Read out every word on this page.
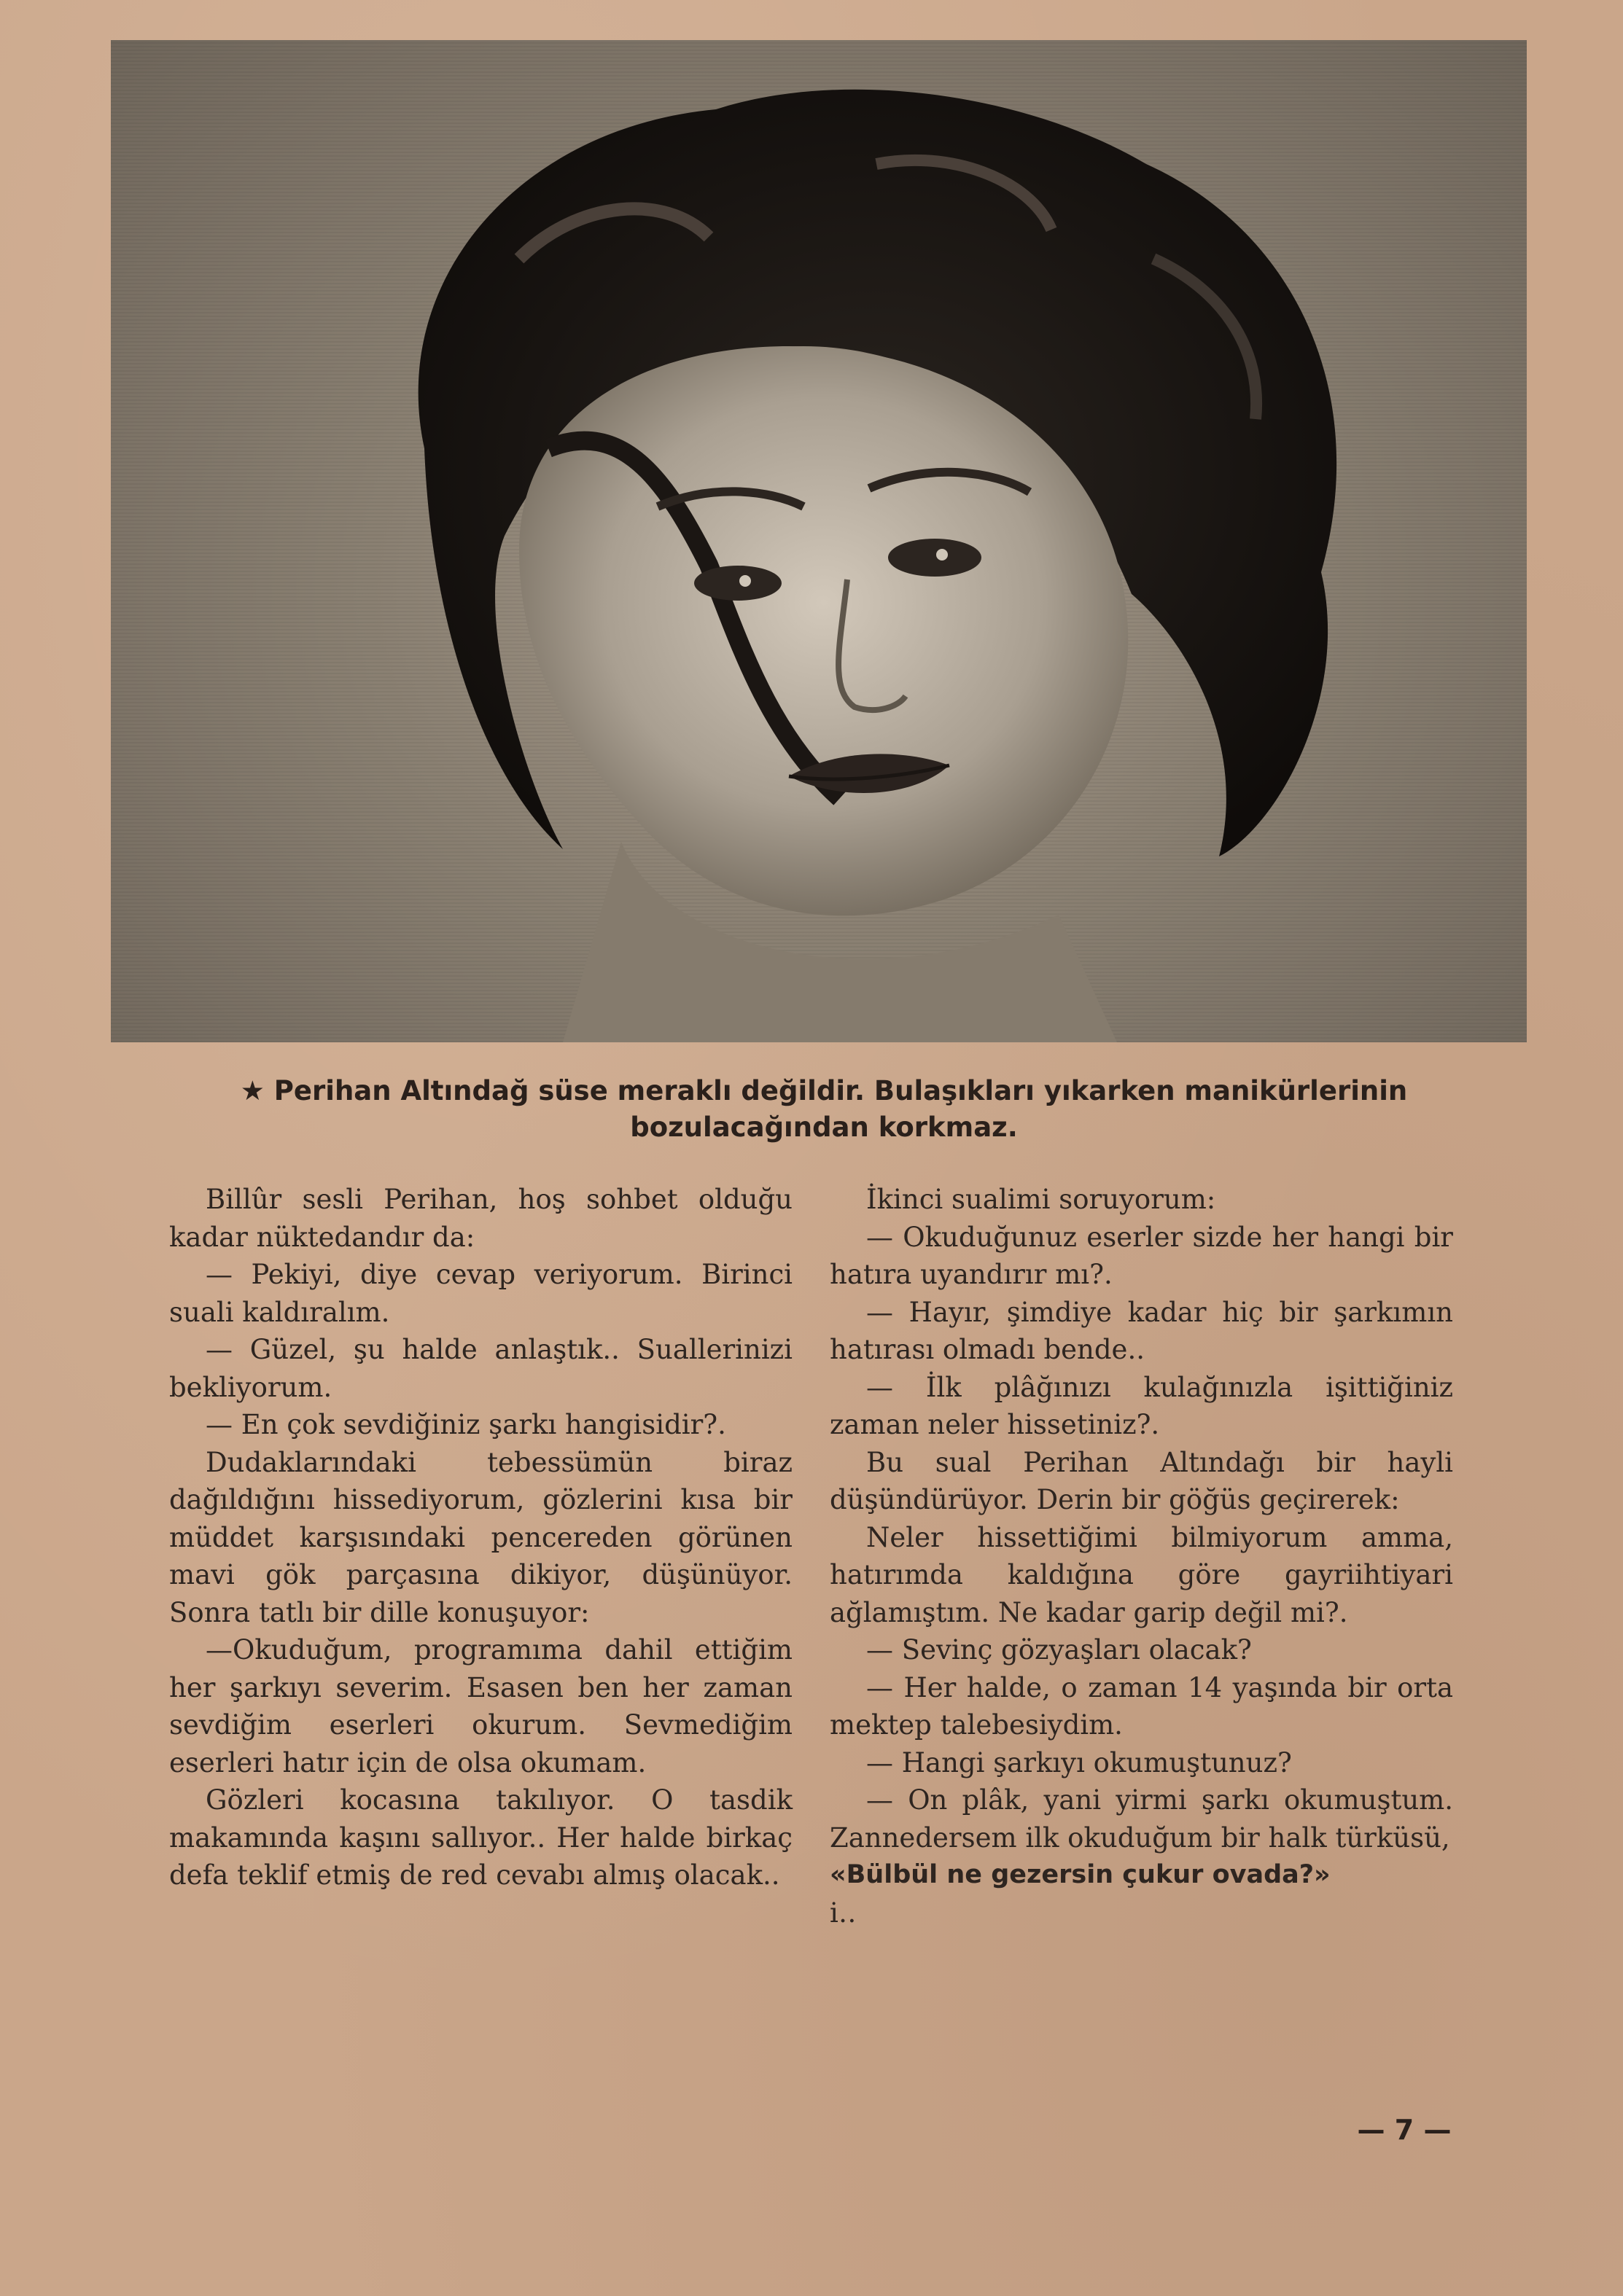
★ Perihan Altındağ süse meraklı değildir. Bulaşıkları yıkarken manikürlerinin bozulacağından korkmaz.

Billûr sesli Perihan, hoş sohbet olduğu kadar nüktedandır da:

— Pekiyi, diye cevap veriyorum. Birinci suali kaldıralım.

— Güzel, şu halde anlaştık.. Suallerinizi bekliyorum.

— En çok sevdiğiniz şarkı hangisidir?.

Dudaklarındaki tebessümün biraz dağıldığını hissediyorum, gözlerini kısa bir müddet karşısındaki pencereden görünen mavi gök parçasına dikiyor, düşünüyor. Sonra tatlı bir dille konuşuyor:

—Okuduğum, programıma dahil ettiğim her şarkıyı severim. Esasen ben her zaman sevdiğim eserleri okurum. Sevmediğim eserleri hatır için de olsa okumam.

Gözleri kocasına takılıyor. O tasdik makamında kaşını sallıyor.. Her halde birkaç defa teklif etmiş de red cevabı almış olacak..

İkinci sualimi soruyorum:

— Okuduğunuz eserler sizde her hangi bir hatıra uyandırır mı?.

— Hayır, şimdiye kadar hiç bir şarkımın hatırası olmadı bende..

— İlk plâğınızı kulağınızla işittiğiniz zaman neler hissetiniz?.

Bu sual Perihan Altındağı bir hayli düşündürüyor. Derin bir göğüs geçirerek:

Neler hissettiğimi bilmiyorum amma, hatırımda kaldığına göre gayriihtiyari ağlamıştım. Ne kadar garip değil mi?.

— Sevinç gözyaşları olacak?

— Her halde, o zaman 14 yaşında bir orta mektep talebesiydim.

— Hangi şarkıyı okumuştunuz?

— On plâk, yani yirmi şarkı okumuştum. Zannedersem ilk okuduğum bir halk türküsü,

«Bülbül ne gezersin çukur ovada?»

i‥

— 7 —
